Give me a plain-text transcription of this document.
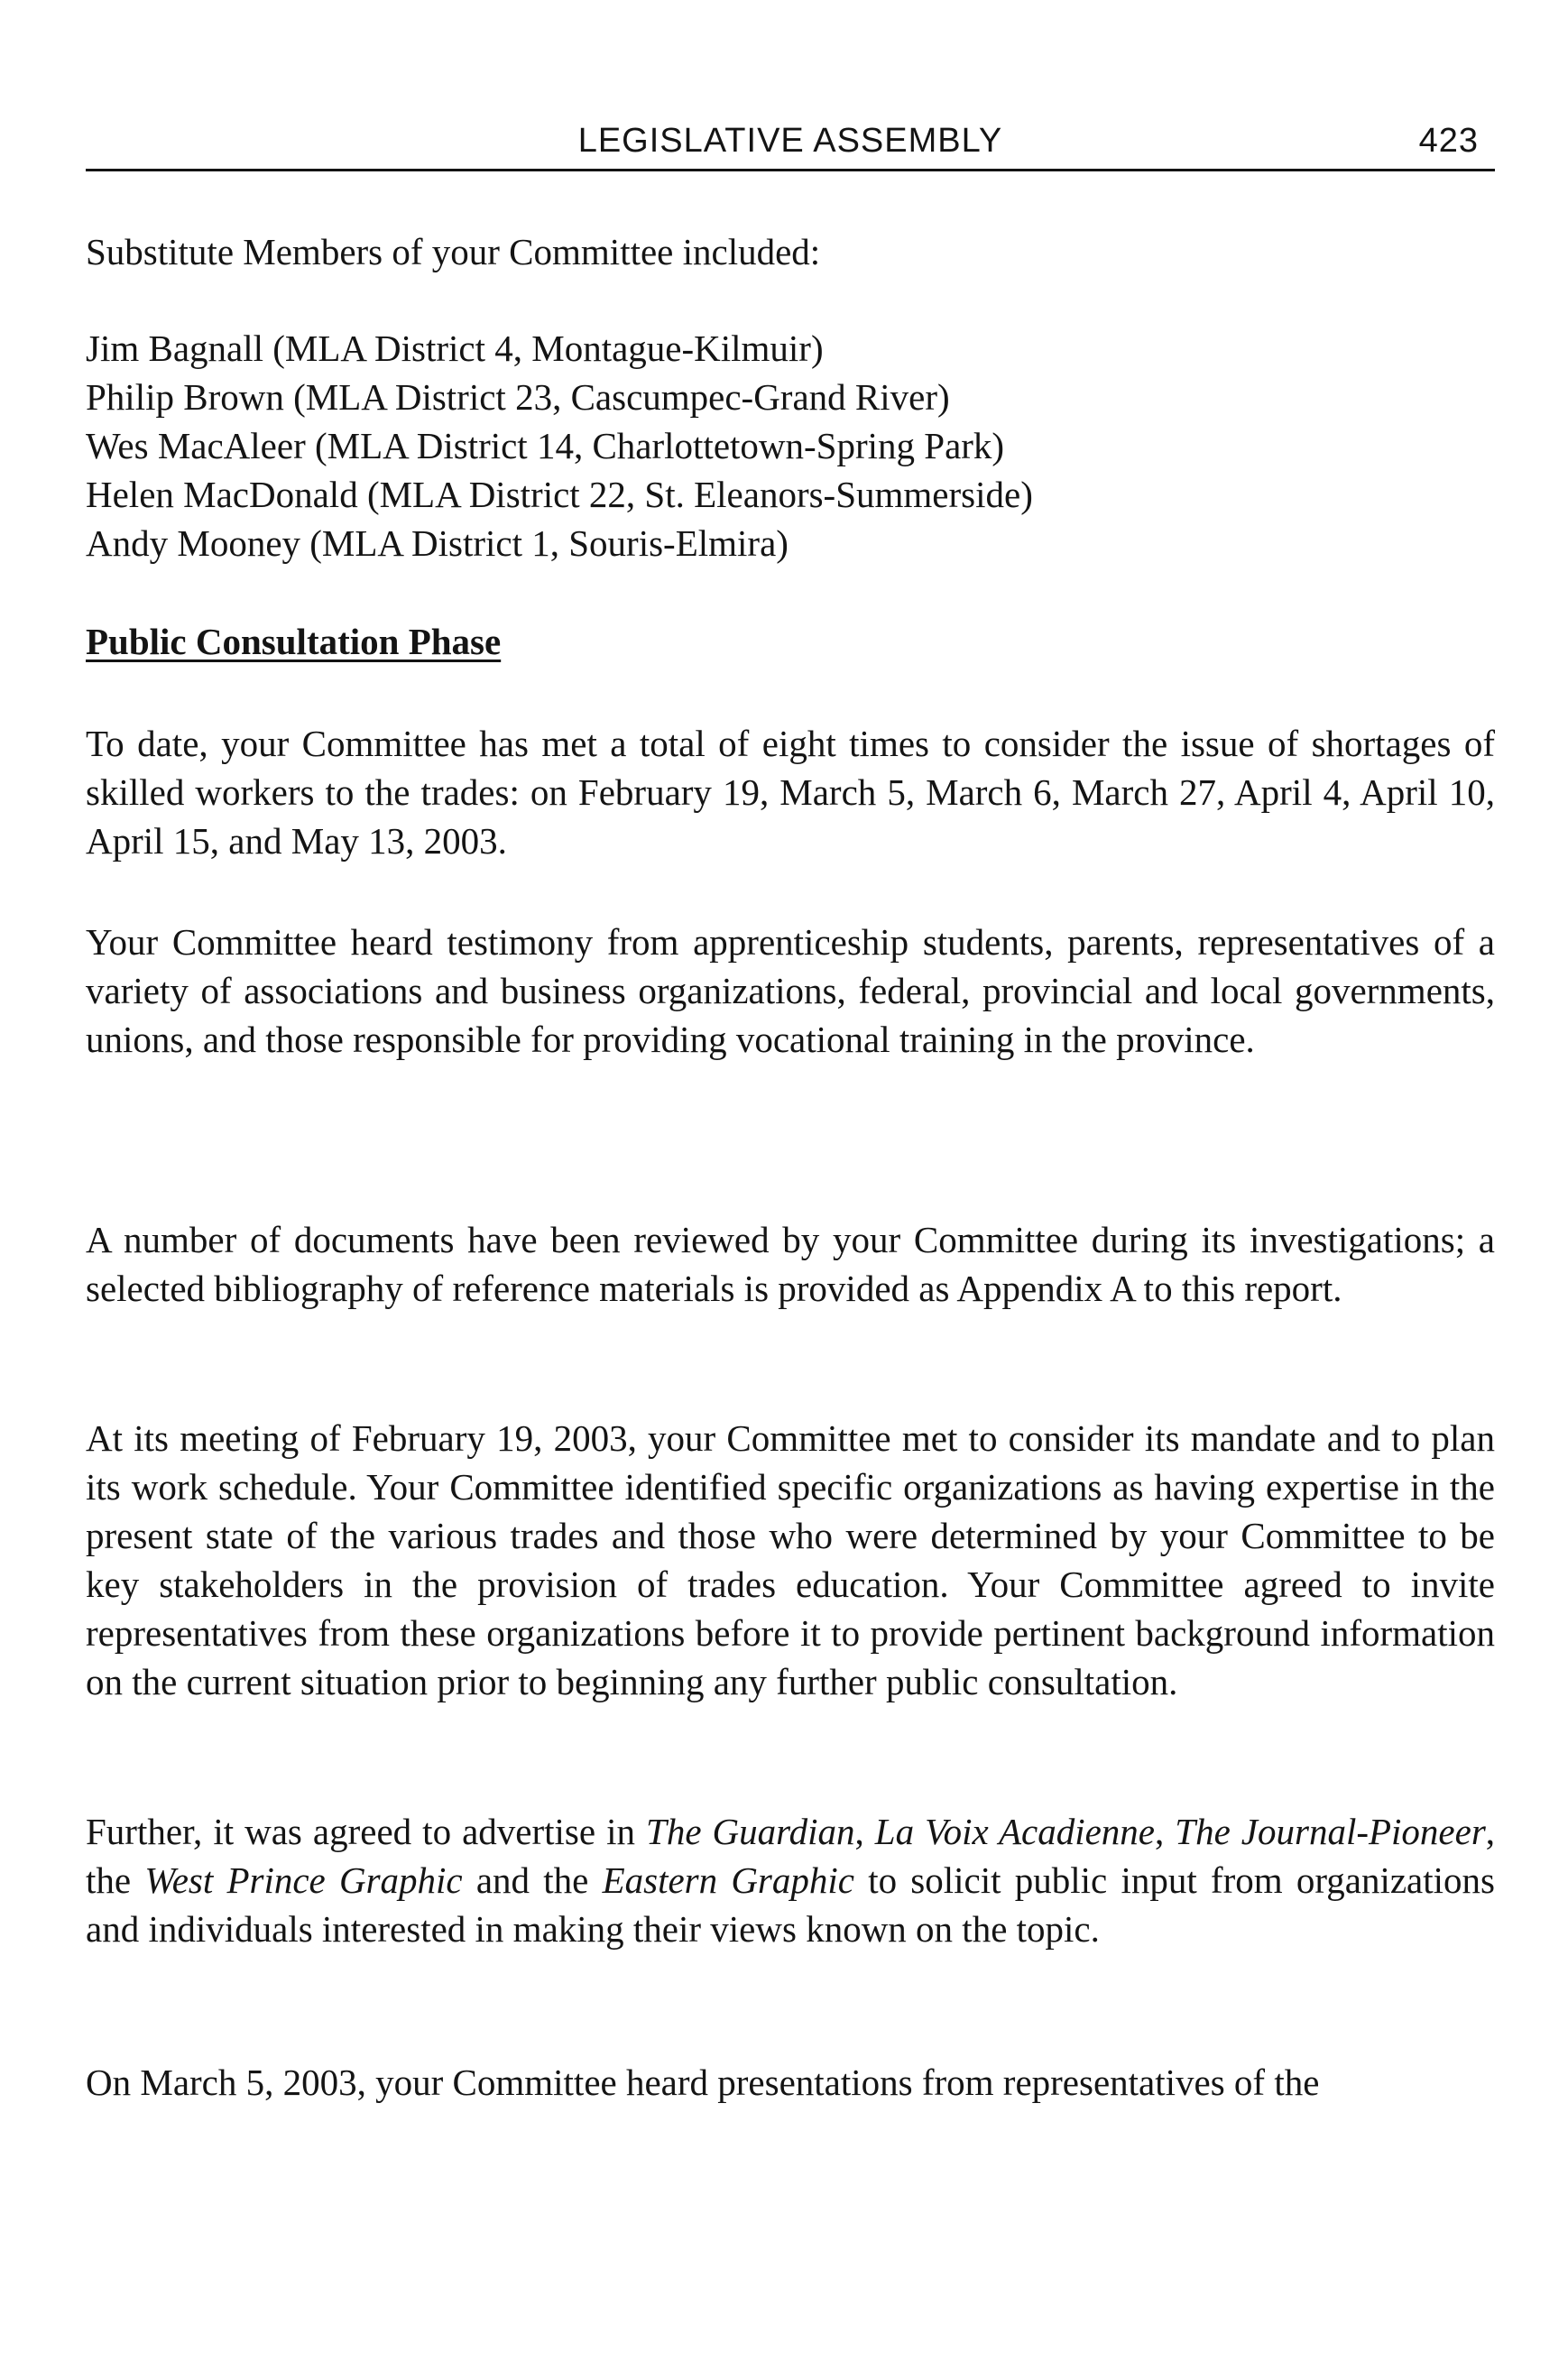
LEGISLATIVE ASSEMBLY	423
Substitute Members of your Committee included:
Jim Bagnall (MLA District 4, Montague-Kilmuir)
Philip Brown (MLA District 23, Cascumpec-Grand River)
Wes MacAleer (MLA District 14, Charlottetown-Spring Park)
Helen MacDonald (MLA District 22, St. Eleanors-Summerside)
Andy Mooney (MLA District 1, Souris-Elmira)
Public Consultation Phase
To date, your Committee has met a total of eight times to consider the issue of shortages of skilled workers to the trades: on February 19, March 5, March 6, March 27, April 4, April 10, April 15, and May 13, 2003.
Your Committee heard testimony from apprenticeship students, parents, representatives of a variety of associations and business organizations, federal, provincial and local governments, unions, and those responsible for providing vocational training in the province.
A number of documents have been reviewed by your Committee during its investigations; a selected bibliography of reference materials is provided as Appendix A to this report.
At its meeting of February 19, 2003, your Committee met to consider its mandate and to plan its work schedule. Your Committee identified specific organizations as having expertise in the present state of the various trades and those who were determined by your Committee to be key stakeholders in the provision of trades education. Your Committee agreed to invite representatives from these organizations before it to provide pertinent background information on the current situation prior to beginning any further public consultation.
Further, it was agreed to advertise in The Guardian, La Voix Acadienne, The Journal-Pioneer, the West Prince Graphic and the Eastern Graphic to solicit public input from organizations and individuals interested in making their views known on the topic.
On March 5, 2003, your Committee heard presentations from representatives of the
